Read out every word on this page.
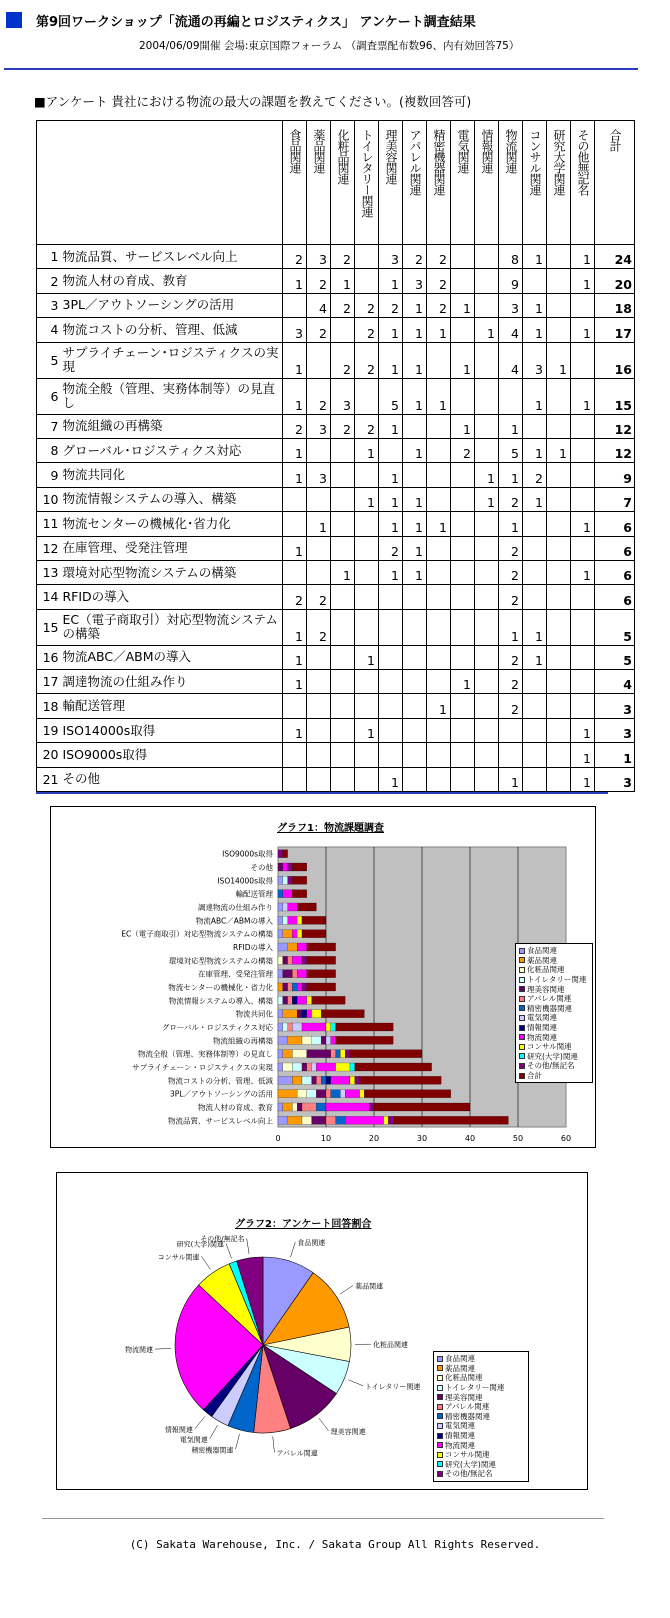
第9回ワークショップ「流通の再編とロジスティクス」 アンケート調査結果
2004/06/09開催 会場:東京国際フォーラム （調査票配布数96、内有効回答75）
■アンケート 貴社における物流の最大の課題を教えてください。(複数回答可)

		食品関連	薬品関連	化粧品関連	トイレタリー関連	理美容関連	アパレル関連	精密機器関連	電気関連	情報関連	物流関連	コンサル関連	研究大学関連	その他無記名	合計

1	物流品質、サービスレベル向上	2	3	2		3	2	2			8	1		1	24
2	物流人材の育成、教育	1	2	1		1	3	2			9			1	20
3	3PL／アウトソーシングの活用		4	2	2	2	1	2	1		3	1			18
4	物流コストの分析、管理、低減	3	2		2	1	1	1		1	4	1		1	17
5	サプライチェーン･ロジスティクスの実現	1		2	2	1	1		1		4	3	1		16
6	物流全般（管理、実務体制等）の見直し	1	2	3		5	1	1				1		1	15
7	物流組織の再構築	2	3	2	2	1			1		1				12
8	グローバル･ロジスティクス対応	1			1		1		2		5	1	1		12
9	物流共同化	1	3			1				1	1	2			9
10	物流情報システムの導入、構築				1	1	1			1	2	1			7
11	物流センターの機械化･省力化		1			1	1	1			1			1	6
12	在庫管理、受発注管理	1				2	1				2				6
13	環境対応型物流システムの構築			1		1	1				2			1	6
14	RFIDの導入	2	2								2				6
15	EC（電子商取引）対応型物流システムの構築	1	2								1	1			5
16	物流ABC／ABMの導入	1			1						2	1			5
17	調達物流の仕組み作り	1							1		2				4
18	輸配送管理							1			2				3
19	ISO14000s取得	1			1									1	3
20	ISO9000s取得													1	1
21	その他					1					1			1	3
グラフ1：物流課題調査
0	10	20	30	40	50	60
物流品質、サービスレベル向上
物流人材の育成、教育
3PL／アウトソーシングの活用
物流コストの分析、管理、低減
サプライチェーン・ロジスティクスの実現
物流全般（管理、実務体制等）の見直し
物流組織の再構築
グローバル・ロジスティクス対応
物流共同化
物流情報システムの導入、構築
物流センターの機械化・省力化
在庫管理、受発注管理
環境対応型物流システムの構築
RFIDの導入
EC（電子商取引）対応型物流システムの構築
物流ABC／ABMの導入
調達物流の仕組み作り
輸配送管理
ISO14000s取得
その他
ISO9000s取得
食品関連
薬品関連
化粧品関連
トイレタリー関連
理美容関連
アパレル関連
精密機器関連
電気関連
情報関連
物流関連
コンサル関連
研究(大学)関連
その他/無記名
合計
グラフ2：アンケート回答割合
食品関連
薬品関連
化粧品関連
トイレタリー関連
理美容関連
アパレル関連
精密機器関連
電気関連
情報関連
物流関連
コンサル関連
研究(大学)関連
その他/無記名
食品関連
薬品関連
化粧品関連
トイレタリー関連
理美容関連
アパレル関連
精密機器関連
電気関連
情報関連
物流関連
コンサル関連
研究(大学)関連
その他/無記名
(C) Sakata Warehouse, Inc. / Sakata Group All Rights Reserved.
